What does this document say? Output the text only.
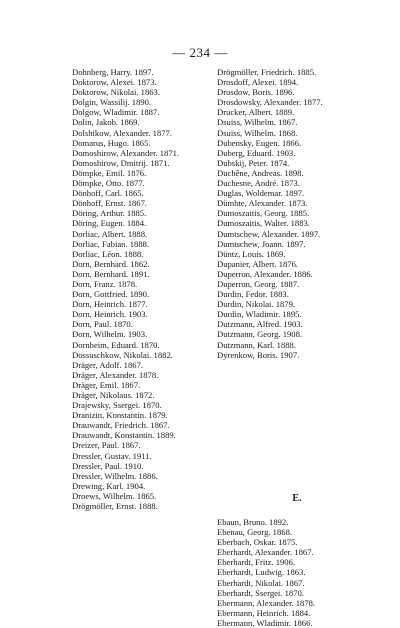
— 234 —
Dohnberg, Harry. 1897.
Doktorow, Alexei. 1873.
Doktorow, Nikolai. 1863.
Dolgin, Wassilij. 1890.
Dolgow, Wladimir. 1887.
Dolin, Jakob. 1869.
Dolshikow, Alexander. 1877.
Domarus, Hugo. 1865.
Domoshirow, Alexander. 1871.
Domoshirow, Dmitrij. 1871.
Dömpke, Emil. 1876.
Dömpke, Otto. 1877.
Dönhoff, Carl. 1865.
Dönhoff, Ernst. 1867.
Döring, Arthur. 1885.
Döring, Eugen. 1884.
Dorliac, Albert. 1888.
Dorliac, Fabian. 1888.
Dorliac, Léon. 1888.
Dorn, Bernhard. 1862.
Dorn, Bernhard. 1891.
Dorn, Franz. 1878.
Dorn, Gottfried. 1890.
Dorn, Heinrich. 1877.
Dorn, Heinrich. 1903.
Dorn, Paul. 1870.
Dorn, Wilhelm. 1903.
Dornheim, Eduard. 1870.
Dossuschkow, Nikolai. 1882.
Dräger, Adolf. 1867.
Dräger, Alexander. 1878.
Dräger, Emil. 1867.
Dräger, Nikolaus. 1872.
Drajewsky, Ssergei. 1870.
Dranizin, Konstantin. 1879.
Drauwandt, Friedrich. 1867.
Drauwandt, Konstantin. 1889.
Dreizer, Paul. 1867.
Dressler, Gustav. 1911.
Dressler, Paul. 1910.
Dressler, Wilhelm. 1886.
Drewing, Karl. 1904.
Droews, Wilhelm. 1865.
Drögmöller, Ernst. 1888.
Drögmöller, Friedrich. 1885.
Drosdoff, Alexei. 1894.
Drosdow, Boris. 1896.
Drosdowsky, Alexander. 1877.
Drucker, Albert. 1889.
Dsuiss, Wilhelm. 1867.
Dsuiss, Wilhelm. 1868.
Dubensky, Eugen. 1866.
Duberg, Eduard. 1903.
Dubskij, Peter. 1874.
Duchêne, Andreas. 1898.
Duchesne, André. 1873.
Duglas, Woldemar. 1897.
Dümbte, Alexander. 1873.
Dumoszaitis, Georg. 1885.
Dumoszaitis, Walter. 1883.
Dumtschew, Alexander. 1897.
Dumtschew, Joann. 1897.
Düntz, Louis. 1869.
Dupanier, Albert. 1876.
Duperron, Alexander. 1886.
Duperron, Georg. 1887.
Durdin, Fedor. 1883.
Durdin, Nikolai. 1879.
Durdin, Wladimir. 1895.
Dutzmann, Alfred. 1903.
Dutzmann, Georg. 1908.
Dutzmann, Karl. 1888.
Dyrenkow, Boris. 1907.
E.
Ebaun, Bruno. 1892.
Ebenau, Georg. 1868.
Eberbach, Oskar. 1875.
Eberhardt, Alexander. 1867.
Eberhardt, Fritz. 1906.
Eberhardt, Ludwig. 1863.
Eberhardt, Nikolai. 1867.
Eberhardt, Ssergei. 1870.
Ebermann, Alexander. 1878.
Ebermann, Heinrich. 1884.
Ebermann, Wladimir. 1866.
